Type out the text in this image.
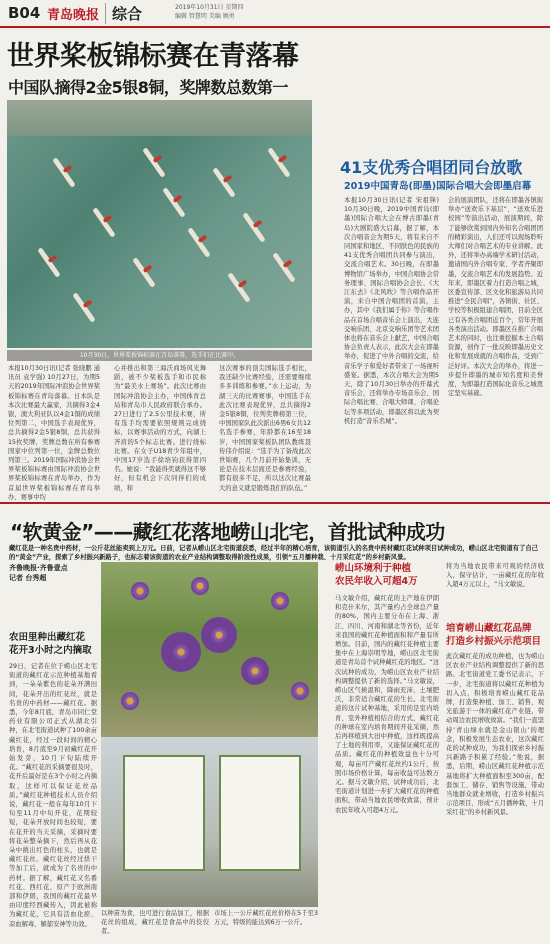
B04 青岛晚报 综合	2019年10月31日 星期四
编辑 管慧明 美编 顾勇
世界桨板锦标赛在青落幕
中国队摘得2金5银8铜，奖牌数总数第一
10月30日，世界桨板锦标赛在青岛落幕，选手们在比赛中。
本报10月30日讯(记者 张晓鹏 通讯员 袁学强) 10月27日，为期5天的2019年国际冲浪协会世界桨板锦标赛在青岛落幕。日本队是本次比赛最大赢家，共摘得3金4银，澳大利亚队以4金1铜的成绩位列第二，中国选手表现优异，总共摘得2金5银8铜，总共获得15枚奖牌，奖牌总数在所有参赛国家中位列第一位，金牌总数位列第三。2019年国际冲浪协会世界桨板锦标赛由国际冲浪协会世界桨板锦标赛在青岛举办，作为首届世界桨板锦标赛在青岛举办，赛事中均
心并推出和第三海沃商场风光舞蹈，被不少桨板选手和市民称为“最美水上赛场”。此次比赛由国际冲浪协会主办，中国体育总局和青岛市人民政府联合承办。27日进行了2.5公里技术赛，所有选手均需要依照规则完成绕标，以赛事活动的方式，向湖上齐肩的5个标志比赛。进行绕标比赛。在女子U18青少年组中，中国17岁选手徐培钧获得第四名。她说：“我能得奖就得这不够好，但有机会下次同伴们的成绩，和
这次赛事的顶尖国际选手相比，我还缺少比赛经验，还需要继续多多训练和参赛。”水上运动，为湖三天的比赛赛事，中国选手在此次比赛表现优异，总共摘得2金5银8铜，位列奖牌榜第三位，中国国家队此次派出6男6女共12名选手参赛，年龄都在16至18岁，中国国家桨板队团队教练聂传伟介绍说：“选手为了备战此次世锦赛，几个月前开始集训，无论是在技术层面还是参赛经验，都有很多不足，所以这次比赛最大的意义就是锻炼我们的队伍。”
41支优秀合唱团同台放歌
2019中国青岛(即墨)国际合唱大会即墨启幕
本报10月30日讯(记者 宋祖锋) 10月30日晚，2019中国青岛(即墨)国际合唱大会在博古即墨(青岛)大剧院盛大启幕，据了解，本次合唱音会为期5天，将有来自不同国家和地区、不同肤色的民族的41支优秀合唱团共同参与演出，交流合唱艺术。30日晚，在即墨博物馆广场举办，中国合唱协会常务理事、国际合唱协会会长、《大江东去》《北风吹》等合唱作品开演，来自中国合唱团的首演，主办，其中《我们属于你》等合唱作品在首场合唱音乐会上演出，大连交响乐团、北京交响乐团等艺术团体也将在音乐会上献艺，中国合唱协会负责人表示，此次大会在即墨举办，促进了中外合唱的交流，给音乐学子和爱好者带来了一场视听盛宴。据悉，本次合唱大会为期5天，除了10月30日举办的开幕式音乐会，还将举办专场音乐会、国际合唱比赛、合唱大师课、合唱论坛等多项活动，即墨区将以此为契机打造“音乐名城”。
会的展演团队，还将在即墨各镇街举办“送欢乐下基层”、“送欢乐进校园”等演出活动，展演期间，除了能够欣赏到国内外知名合唱团团的精彩演出，人们还可以现场聆听大师们对合唱艺术的专业讲解。此外，还将举办高端学术研讨活动，邀请国内外合唱专家、学者齐聚即墨，交流合唱艺术的发展趋势。近年来，即墨区着力打造合唱之城，区委宣传部、区文化和旅游局共同推进“全民合唱”，各镇街、社区、学校等积极组建合唱团，目前全区已有各类合唱团近百个，常年开展各类演出活动。即墨区在推广合唱艺术的同时，也注重挖掘本土合唱资源，创作了一批反映即墨历史文化和发展成就的合唱作品，受到广泛好评。本次大会的举办，将进一步提升即墨的城市知名度和美誉度，为即墨打造国际化音乐之城奠定坚实基础。
“软黄金”——藏红花落地崂山北宅，首批试种成功
藏红花是一种名贵中药材，一公斤花丝能卖到上万元。日前，记者从崂山区北宅街道获悉，经过半年的精心培育，该街道引入的名贵中药材藏红花试种项目试种成功，崂山区北宅街道有了自己的“黄金”产业，探索了乡村振兴新路子，也标志着该街道的农业产业结构调整取得阶段性成果，引领“五月播种栽、十月采红花”的乡村新风景。
齐鲁晚报·齐鲁壹点
记者 台秀超
农田里种出藏红花
花开3小时之内摘取
29日，记者在位于崂山区北宅街道的藏红花示范种植基地看到，一朵朵紫色的花朵开满田间，花朵开出的红花丝，就是名贵的中药材——藏红花。据悉，今年8月底，青岛市同仁堂药业有限公司正式从湖北引种，在北宅街道试种了100余亩藏红花，经过一段时间的精心培育，8月底至9月初藏红花开始发芽，10月下旬陆续开花。“藏红花的采摘要很及时，花开后最好是在3个小时之内摘取，这样可以保证花丝品质。”藏红花种植技术人员介绍说，藏红花一般在每年10月下旬至11月中旬开花，花期较短，花朵开放时间也较短，要在花开的当天采摘，采摘时要将花朵整朵摘下，然后再从花朵中挑出红色的柱头，也就是藏红花丝。藏红花丝经过烘干等加工后，就成为了名贵的中药材。据了解，藏红花又名番红花、西红花，原产于欧洲南部和伊朗，我国的藏红花最早由印度经西藏传入，因此被称为藏红花，它具有活血化瘀、凉血解毒、解郁安神等功效。
以种苗为食，也可进行食品加工，根据花丝的组成，藏红花是食品中的佼佼者。
市场上一公斤藏红花丝价格在5千至3万元，特级的能达到6万一公斤。
崂山环境利于种植
农民年收入可超4万
马文敏介绍，藏红花的主产地在伊朗和克什米尔，其产量约占全球总产量的80%，国内主要分布在上海、浙江、四川、河南和湖北等省份，近年来我国的藏红花种植面积和产量有所增加。目前，国内的藏红花种植主要集中在上海崇明等地，崂山区北宅街道是青岛首个试种藏红花的地区。“这次试种的成功，为崂山区农业产业结构调整提供了新的选择。”马文敏说，崂山区气候温和，降雨充沛，土壤肥沃，非常适合藏红花的生长。北宅街道的这片试种基地，采用的是室内培育、室外种植相结合的方式，藏红花的种球在室内培育期间开花采摘，然后再移植到大田中种植，这样既提高了土地的利用率，又能保证藏红花的品质。藏红花的种植效益也十分可观，每亩可产藏红花丝约1公斤，按照市场价格计算，每亩收益可达数万元。据马文敏介绍，试种成功后，北宅街道计划进一步扩大藏红花的种植面积，带动当地农民增收致富，预计农民年收入可超4万元。
将为当地农民带来可观的经济收入，保守估计，一亩藏红花的年收入超4万元以上，“马文敏说。
培育崂山藏红花品牌
打造乡村振兴示范项目
此次藏红花的成功种植，也为崂山区农业产业结构调整提供了新的思路。北宅街道党工委书记表示，下一步，北宅街道将以藏红花种植为切入点，积极培育崂山藏红花品牌，打造集种植、加工、销售、观光旅游于一体的藏红花产业链，带动周边农民增收致富。“我们一直坚持‘青山绿水就是金山银山’的理念，积极发展生态农业，这次藏红花的试种成功，为我们探索乡村振兴新路子积累了经验。”他说，据悉，后期，崂山区藏红花种植示范基地将扩大种植面积至300亩，配套加工、储存、销售等设施，带动当地群众就业增收，打造乡村振兴示范项目，形成“五月播种栽、十月采红花”的乡村新风景。
